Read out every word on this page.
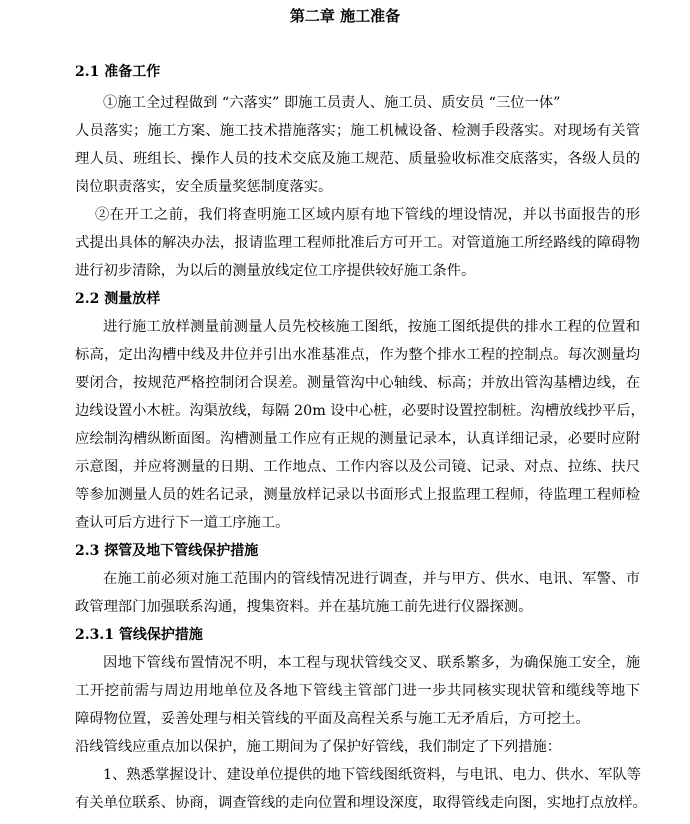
第二章 施工准备

2.1 准备工作

①施工全过程做到 “六落实” 即施工员责人、施工员、质安员 “三位一体”

人员落实；施工方案、施工技术措施落实；施工机械设备、检测手段落实。对现场有关管

理人员、班组长、操作人员的技术交底及施工规范、质量验收标准交底落实，各级人员的

岗位职责落实，安全质量奖惩制度落实。

②在开工之前，我们将查明施工区域内原有地下管线的埋设情况，并以书面报告的形

式提出具体的解决办法，报请监理工程师批准后方可开工。对管道施工所经路线的障碍物

进行初步清除，为以后的测量放线定位工序提供较好施工条件。

2.2 测量放样

进行施工放样测量前测量人员先校核施工图纸，按施工图纸提供的排水工程的位置和

标高，定出沟槽中线及井位并引出水准基准点，作为整个排水工程的控制点。每次测量均

要闭合，按规范严格控制闭合误差。测量管沟中心轴线、标高；并放出管沟基槽边线，在

边线设置小木桩。沟渠放线，每隔 20m 设中心桩，必要时设置控制桩。沟槽放线抄平后，

应绘制沟槽纵断面图。沟槽测量工作应有正规的测量记录本，认真详细记录，必要时应附

示意图，并应将测量的日期、工作地点、工作内容以及公司镜、记录、对点、拉练、扶尺

等参加测量人员的姓名记录，测量放样记录以书面形式上报监理工程师，待监理工程师检

查认可后方进行下一道工序施工。

2.3 探管及地下管线保护措施

在施工前必须对施工范围内的管线情况进行调查，并与甲方、供水、电讯、军警、市

政管理部门加强联系沟通，搜集资料。并在基坑施工前先进行仪器探测。

2.3.1 管线保护措施

因地下管线布置情况不明，本工程与现状管线交叉、联系繁多，为确保施工安全，施

工开挖前需与周边用地单位及各地下管线主管部门进一步共同核实现状管和缆线等地下

障碍物位置，妥善处理与相关管线的平面及高程关系与施工无矛盾后，方可挖土。

沿线管线应重点加以保护，施工期间为了保护好管线，我们制定了下列措施：

1、熟悉掌握设计、建设单位提供的地下管线图纸资料，与电讯、电力、供水、军队等

有关单位联系、协商，调查管线的走向位置和埋设深度，取得管线走向图，实地打点放样。
